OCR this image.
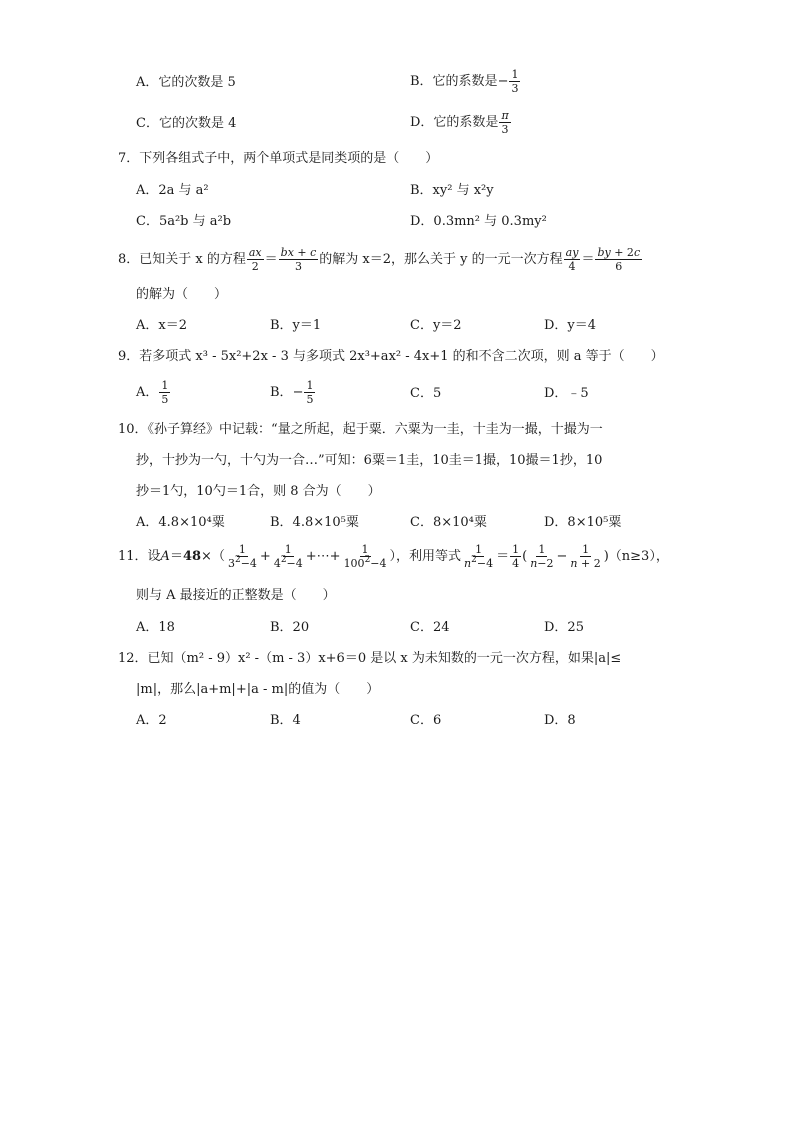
A．它的次数是 5	B．它的系数是− $\frac{1}{3}$
C．它的次数是 4	D．它的系数是 $\frac{\pi}{3}$
7．下列各组式子中，两个单项式是同类项的是（　　）
A．2a 与 a²	B．xy² 与 x²y
C．5a²b 与 a²b	D．0.3mn² 与 0.3my²
8．已知关于 x 的方程 $\frac{ax}{2} = \frac{bx + c}{3}$ 的解为 x＝2，那么关于 y 的一元一次方程 $\frac{ay}{4} = \frac{by + 2c}{6}$
的解为（　　）
A．x＝2	B．y＝1	C．y＝2	D．y＝4
9．若多项式 x³ - 5x²+2x - 3 与多项式 2x³+ax² - 4x+1 的和不含二次项，则 a 等于（　　）
A． $\frac{1}{5}$	B．− $\frac{1}{5}$	C．5	D．﹣5
10．《孙子算经》中记载：“量之所起，起于粟．六粟为一圭，十圭为一撮，十撮为一
抄，十抄为一勺，十勺为一合…”可知：6粟＝1圭，10圭＝1撮，10撮＝1抄，10
抄＝1勺，10勺＝1合，则 8 合为（　　）
A．4.8×10⁴粟	B．4.8×10⁵粟	C．8×10⁴粟	D．8×10⁵粟
11．设$A=48\times( \frac{1}{3^2-4} + \frac{1}{4^2-4}$ +⋯+ $\frac{1}{100^2-4}$ ），利用等式 $\frac{1}{n^2-4} = \frac{1}{4}$ ( $\frac{1}{n-2} - \frac{1}{n + 2} )(n\ge 3)$，
则与 A 最接近的正整数是（　　）
A．18	B．20	C．24	D．25
12．已知（m² - 9）x² -（m - 3）x+6＝0 是以 x 为未知数的一元一次方程，如果|a|≤
|m|，那么|a+m|+|a - m|的值为（　　）
A．2	B．4	C．6	D．8
